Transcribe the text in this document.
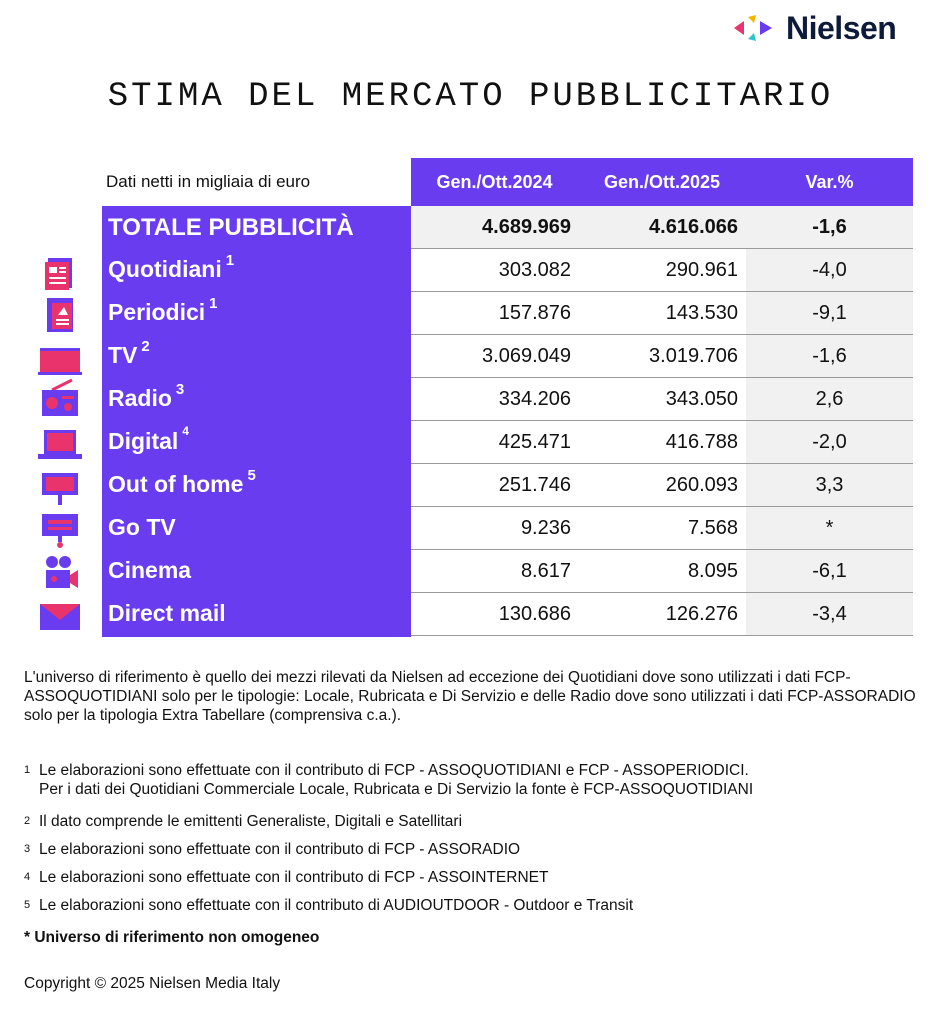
Nielsen
STIMA DEL MERCATO PUBBLICITARIO
Dati netti in migliaia di euro	Gen./Ott.2024	Gen./Ott.2025	Var.%
TOTALE PUBBLICITÀ	4.689.969	4.616.066	-1,6
Quotidiani $^1$	303.082	290.961	-4,0
Periodici $^1$	157.876	143.530	-9,1
TV $^2$	3.069.049	3.019.706	-1,6
Radio $^3$	334.206	343.050	2,6
Digital $^4$	425.471	416.788	-2,0
Out of home $^5$	251.746	260.093	3,3
Go TV	9.236	7.568	*
Cinema	8.617	8.095	-6,1
Direct mail	130.686	126.276	-3,4
L'universo di riferimento è quello dei mezzi rilevati da Nielsen ad eccezione dei Quotidiani dove sono utilizzati i dati FCP-ASSOQUOTIDIANI solo per le tipologie: Locale, Rubricata e Di Servizio e delle Radio dove sono utilizzati i dati FCP-ASSORADIO solo per la tipologia Extra Tabellare (comprensiva c.a.).
1 Le elaborazioni sono effettuate con il contributo di FCP - ASSOQUOTIDIANI e FCP - ASSOPERIODICI.
Per i dati dei Quotidiani Commerciale Locale, Rubricata e Di Servizio la fonte è FCP-ASSOQUOTIDIANI
2 Il dato comprende le emittenti Generaliste, Digitali e Satellitari
3 Le elaborazioni sono effettuate con il contributo di FCP - ASSORADIO
4 Le elaborazioni sono effettuate con il contributo di FCP - ASSOINTERNET
5 Le elaborazioni sono effettuate con il contributo di AUDIOUTDOOR - Outdoor e Transit
* Universo di riferimento non omogeneo
Copyright © 2025 Nielsen Media Italy
